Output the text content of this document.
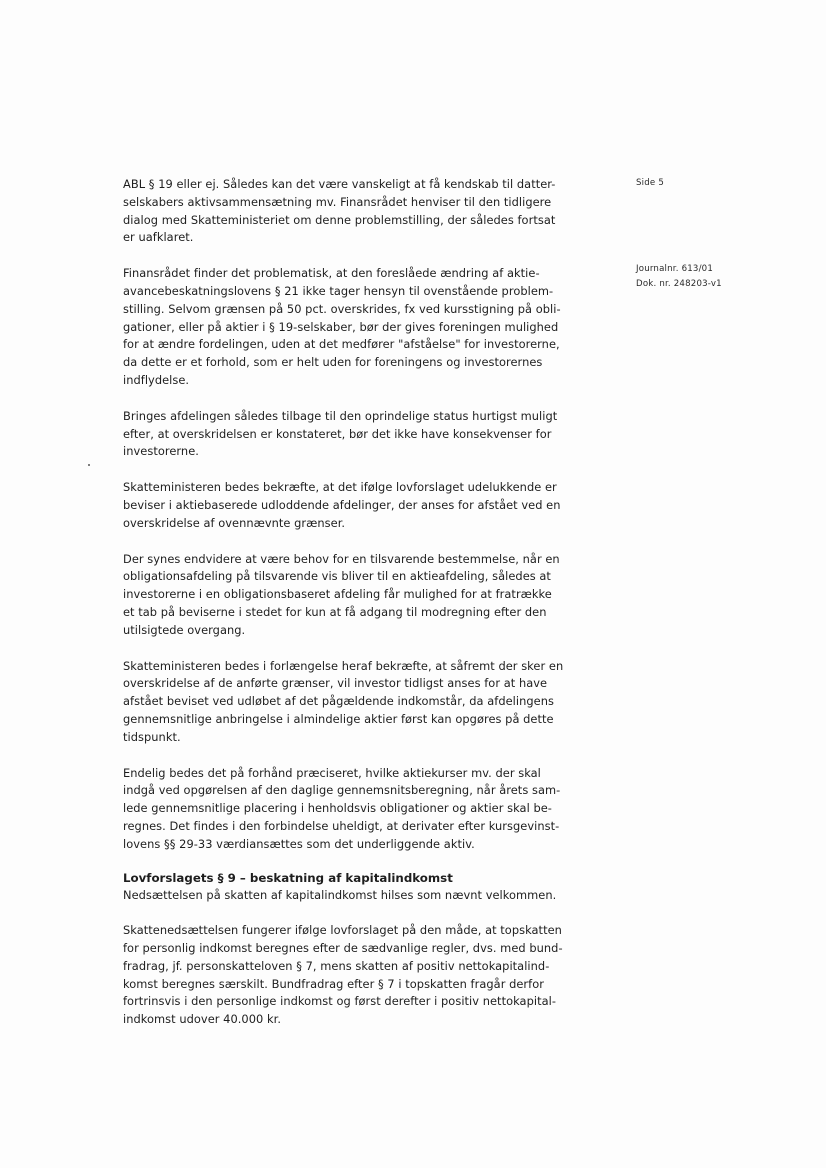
Side 5
Journalnr. 613/01
Dok. nr. 248203-v1

ABL § 19 eller ej. Således kan det være vanskeligt at få kendskab til datter-
selskabers aktivsammensætning mv. Finansrådet henviser til den tidligere
dialog med Skatteministeriet om denne problemstilling, der således fortsat
er uafklaret.

Finansrådet finder det problematisk, at den foreslåede ændring af aktie-
avancebeskatningslovens § 21 ikke tager hensyn til ovenstående problem-
stilling. Selvom grænsen på 50 pct. overskrides, fx ved kursstigning på obli-
gationer, eller på aktier i § 19-selskaber, bør der gives foreningen mulighed
for at ændre fordelingen, uden at det medfører "afståelse" for investorerne,
da dette er et forhold, som er helt uden for foreningens og investorernes
indflydelse.

Bringes afdelingen således tilbage til den oprindelige status hurtigst muligt
efter, at overskridelsen er konstateret, bør det ikke have konsekvenser for
investorerne.

Skatteministeren bedes bekræfte, at det ifølge lovforslaget udelukkende er
beviser i aktiebaserede udloddende afdelinger, der anses for afstået ved en
overskridelse af ovennævnte grænser.

Der synes endvidere at være behov for en tilsvarende bestemmelse, når en
obligationsafdeling på tilsvarende vis bliver til en aktieafdeling, således at
investorerne i en obligationsbaseret afdeling får mulighed for at fratrække
et tab på beviserne i stedet for kun at få adgang til modregning efter den
utilsigtede overgang.

Skatteministeren bedes i forlængelse heraf bekræfte, at såfremt der sker en
overskridelse af de anførte grænser, vil investor tidligst anses for at have
afstået beviset ved udløbet af det pågældende indkomstår, da afdelingens
gennemsnitlige anbringelse i almindelige aktier først kan opgøres på dette
tidspunkt.

Endelig bedes det på forhånd præciseret, hvilke aktiekurser mv. der skal
indgå ved opgørelsen af den daglige gennemsnitsberegning, når årets sam-
lede gennemsnitlige placering i henholdsvis obligationer og aktier skal be-
regnes. Det findes i den forbindelse uheldigt, at derivater efter kursgevinst-
lovens §§ 29-33 værdiansættes som det underliggende aktiv.

Lovforslagets § 9 – beskatning af kapitalindkomst

Nedsættelsen på skatten af kapitalindkomst hilses som nævnt velkommen.

Skattenedsættelsen fungerer ifølge lovforslaget på den måde, at topskatten
for personlig indkomst beregnes efter de sædvanlige regler, dvs. med bund-
fradrag, jf. personskatteloven § 7, mens skatten af positiv nettokapitalind-
komst beregnes særskilt. Bundfradrag efter § 7 i topskatten fragår derfor
fortrinsvis i den personlige indkomst og først derefter i positiv nettokapital-
indkomst udover 40.000 kr.
